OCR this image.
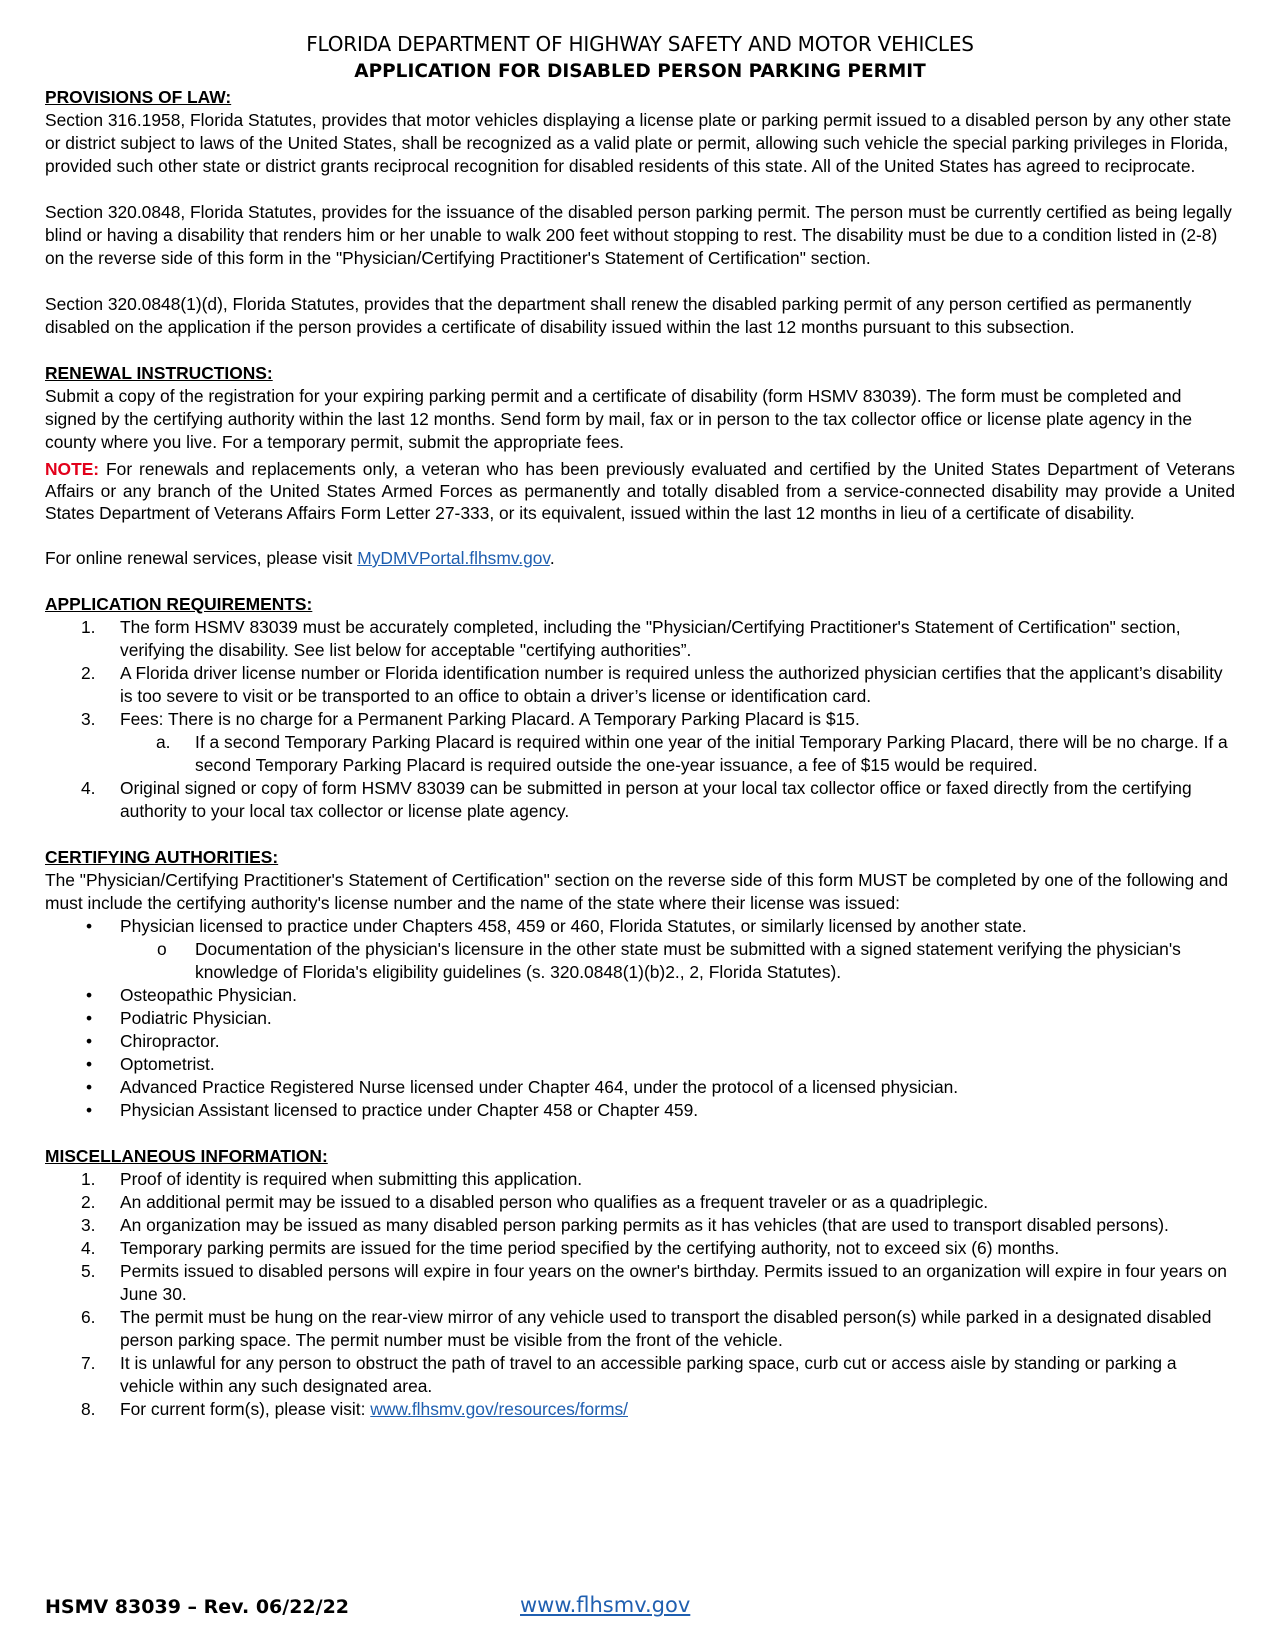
FLORIDA DEPARTMENT OF HIGHWAY SAFETY AND MOTOR VEHICLES
APPLICATION FOR DISABLED PERSON PARKING PERMIT
PROVISIONS OF LAW:

Section 316.1958, Florida Statutes, provides that motor vehicles displaying a license plate or parking permit issued to a disabled person by any other state or district subject to laws of the United States, shall be recognized as a valid plate or permit, allowing such vehicle the special parking privileges in Florida, provided such other state or district grants reciprocal recognition for disabled residents of this state. All of the United States has agreed to reciprocate.

Section 320.0848, Florida Statutes, provides for the issuance of the disabled person parking permit. The person must be currently certified as being legally blind or having a disability that renders him or her unable to walk 200 feet without stopping to rest. The disability must be due to a condition listed in (2-8) on the reverse side of this form in the "Physician/Certifying Practitioner's Statement of Certification" section.

Section 320.0848(1)(d), Florida Statutes, provides that the department shall renew the disabled parking permit of any person certified as permanently disabled on the application if the person provides a certificate of disability issued within the last 12 months pursuant to this subsection.

RENEWAL INSTRUCTIONS:

Submit a copy of the registration for your expiring parking permit and a certificate of disability (form HSMV 83039). The form must be completed and signed by the certifying authority within the last 12 months. Send form by mail, fax or in person to the tax collector office or license plate agency in the county where you live. For a temporary permit, submit the appropriate fees.

NOTE: For renewals and replacements only, a veteran who has been previously evaluated and certified by the United States Department of Veterans Affairs or any branch of the United States Armed Forces as permanently and totally disabled from a service-connected disability may provide a United States Department of Veterans Affairs Form Letter 27-333, or its equivalent, issued within the last 12 months in lieu of a certificate of disability.

For online renewal services, please visit MyDMVPortal.flhsmv.gov.

APPLICATION REQUIREMENTS:
1.	The form HSMV 83039 must be accurately completed, including the "Physician/Certifying Practitioner's Statement of Certification" section, verifying the disability. See list below for acceptable "certifying authorities”.
2.	A Florida driver license number or Florida identification number is required unless the authorized physician certifies that the applicant’s disability is too severe to visit or be transported to an office to obtain a driver’s license or identification card.
3.	Fees: There is no charge for a Permanent Parking Placard. A Temporary Parking Placard is $15.
a. If a second Temporary Parking Placard is required within one year of the initial Temporary Parking Placard, there will be no charge. If a second Temporary Parking Placard is required outside the one-year issuance, a fee of $15 would be required.
4.	Original signed or copy of form HSMV 83039 can be submitted in person at your local tax collector office or faxed directly from the certifying authority to your local tax collector or license plate agency.
CERTIFYING AUTHORITIES:

The "Physician/Certifying Practitioner's Statement of Certification" section on the reverse side of this form MUST be completed by one of the following and must include the certifying authority's license number and the name of the state where their license was issued:

• Physician licensed to practice under Chapters 458, 459 or 460, Florida Statutes, or similarly licensed by another state.
o Documentation of the physician's licensure in the other state must be submitted with a signed statement verifying the physician's knowledge of Florida's eligibility guidelines (s. 320.0848(1)(b)2., 2, Florida Statutes).
• Osteopathic Physician.
• Podiatric Physician.
• Chiropractor.
• Optometrist.
• Advanced Practice Registered Nurse licensed under Chapter 464, under the protocol of a licensed physician.
• Physician Assistant licensed to practice under Chapter 458 or Chapter 459.
MISCELLANEOUS INFORMATION:
1.	Proof of identity is required when submitting this application.
2.	An additional permit may be issued to a disabled person who qualifies as a frequent traveler or as a quadriplegic.
3.	An organization may be issued as many disabled person parking permits as it has vehicles (that are used to transport disabled persons).
4.	Temporary parking permits are issued for the time period specified by the certifying authority, not to exceed six (6) months.
5.	Permits issued to disabled persons will expire in four years on the owner's birthday. Permits issued to an organization will expire in four years on June 30.
6.	The permit must be hung on the rear-view mirror of any vehicle used to transport the disabled person(s) while parked in a designated disabled person parking space. The permit number must be visible from the front of the vehicle.
7.	It is unlawful for any person to obstruct the path of travel to an accessible parking space, curb cut or access aisle by standing or parking a vehicle within any such designated area.
8.	For current form(s), please visit: www.flhsmv.gov/resources/forms/
HSMV 83039 – Rev. 06/22/22	www.flhsmv.gov
